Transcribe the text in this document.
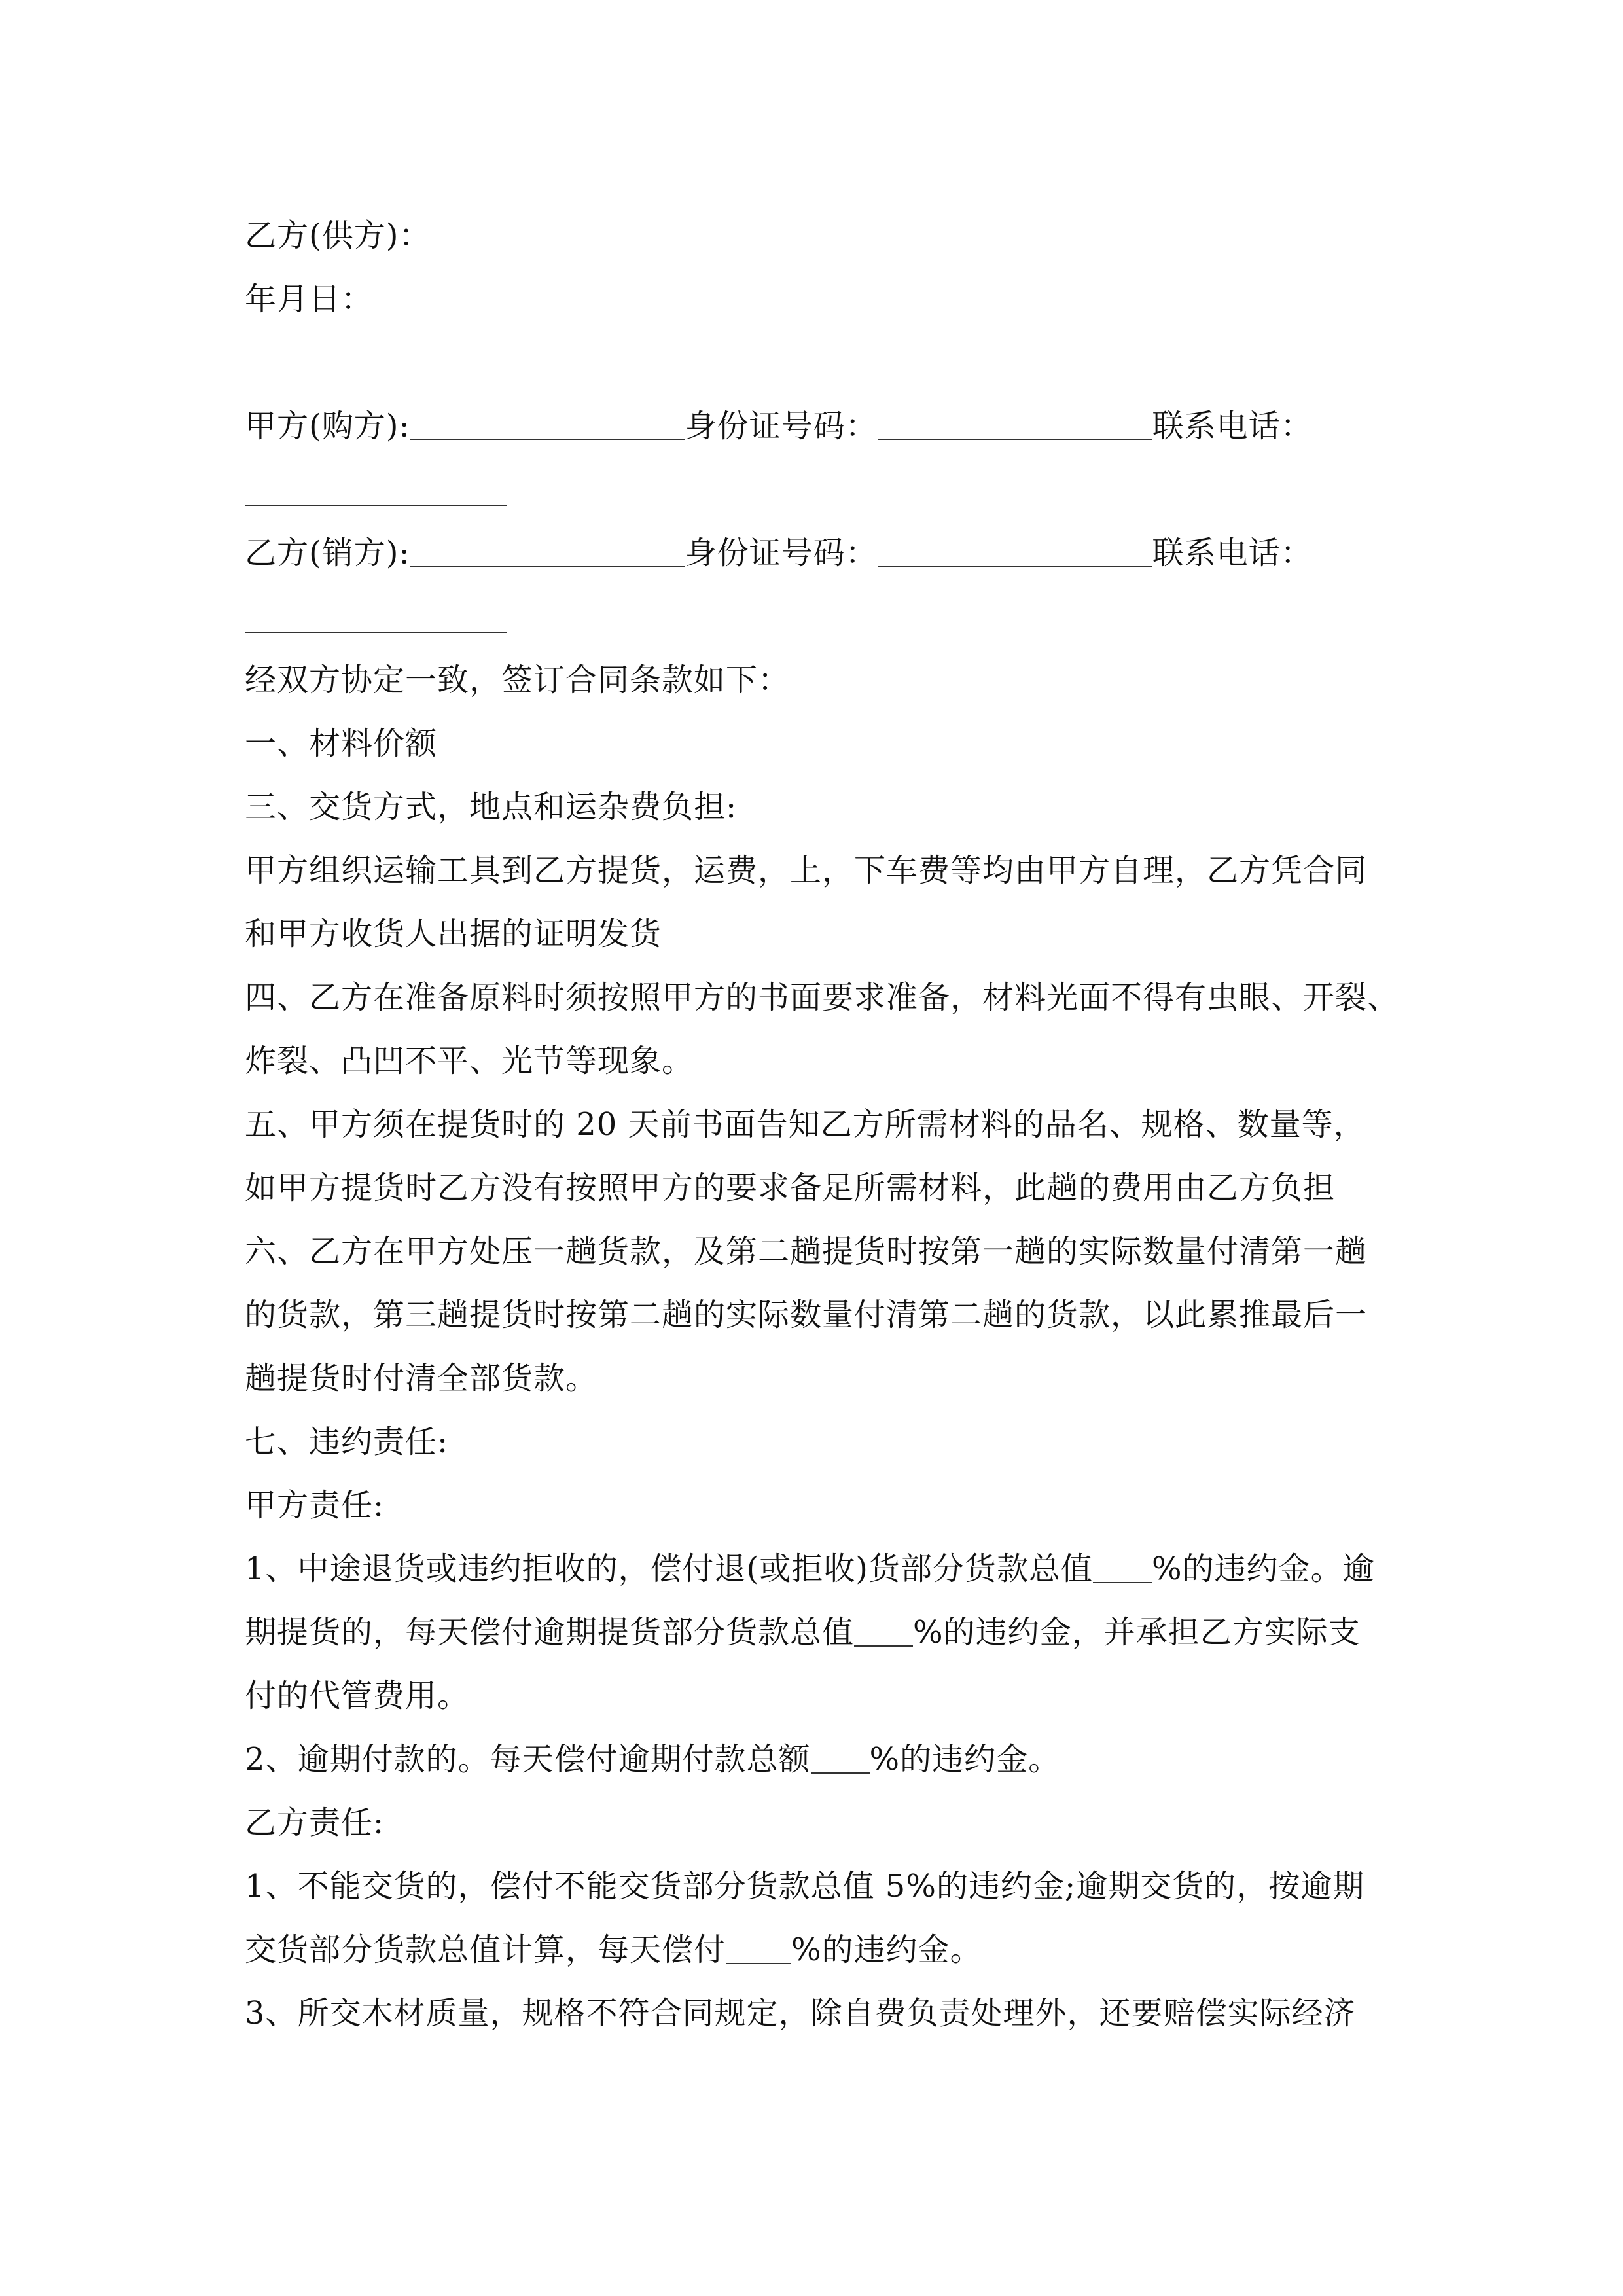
乙方(供方)：
年月日：
甲方(购方):	身份证号码：	联系电话：
乙方(销方):	身份证号码：	联系电话：
经双方协定一致，签订合同条款如下：
一、材料价额
三、交货方式，地点和运杂费负担:
甲方组织运输工具到乙方提货，运费，上，下车费等均由甲方自理，乙方凭合同
和甲方收货人出据的证明发货
四、乙方在准备原料时须按照甲方的书面要求准备，材料光面不得有虫眼、开裂、
炸裂、凸凹不平、光节等现象。
五、甲方须在提货时的 20 天前书面告知乙方所需材料的品名、规格、数量等，
如甲方提货时乙方没有按照甲方的要求备足所需材料，此趟的费用由乙方负担
六、乙方在甲方处压一趟货款，及第二趟提货时按第一趟的实际数量付清第一趟
的货款，第三趟提货时按第二趟的实际数量付清第二趟的货款，以此累推最后一
趟提货时付清全部货款。
七、违约责任:
甲方责任:
1、中途退货或违约拒收的，偿付退(或拒收)货部分货款总值 %的违约金。逾
期提货的，每天偿付逾期提货部分货款总值 %的违约金，并承担乙方实际支
付的代管费用。
2、逾期付款的。每天偿付逾期付款总额 %的违约金。
乙方责任:
1、不能交货的，偿付不能交货部分货款总值 5%的违约金;逾期交货的，按逾期
交货部分货款总值计算，每天偿付 %的违约金。
3、所交木材质量，规格不符合同规定，除自费负责处理外，还要赔偿实际经济
